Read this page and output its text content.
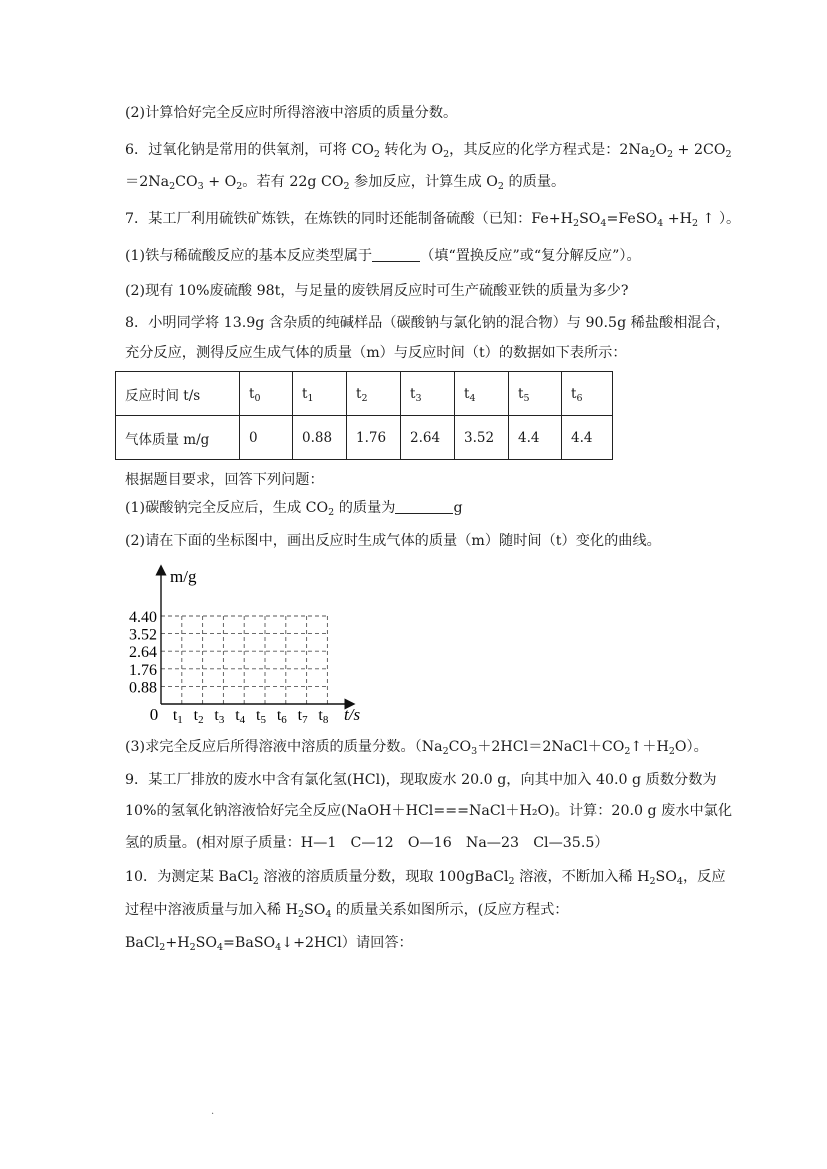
(2)计算恰好完全反应时所得溶液中溶质的质量分数。
6．过氧化钠是常用的供氧剂，可将 $CO_2$ 转化为 $O_2$，其反应的化学方程式是：$2Na_2O_2 + 2CO_2$
$=2Na_2CO_3 + O_2$。若有 22g $CO_2$ 参加反应，计算生成 $O_2$ 的质量。
7．某工厂利用硫铁矿炼铁，在炼铁的同时还能制备硫酸（已知：$Fe+H_2SO_4=FeSO_4 +H_2$ ↑ ）。
(1)铁与稀硫酸反应的基本反应类型属于	（填“置换反应”或“复分解反应”）。
(2)现有 10%废硫酸 98t，与足量的废铁屑反应时可生产硫酸亚铁的质量为多少?
8．小明同学将 13.9g 含杂质的纯碱样品（碳酸钠与氯化钠的混合物）与 90.5g 稀盐酸相混合，
充分反应，测得反应生成气体的质量（m）与反应时间（t）的数据如下表所示：
反应时间 t/s	$t_0$	$t_1$	$t_2$	$t_3$	$t_4$	$t_5$	$t_6$
气体质量 m/g	0	0.88	1.76	2.64	3.52	4.4	4.4
根据题目要求，回答下列问题：
(1)碳酸钠完全反应后，生成 $CO_2$ 的质量为	g
(2)请在下面的坐标图中，画出反应时生成气体的质量（m）随时间（t）变化的曲线。
m/g
t/s
0
0.88
1.76
2.64
3.52
4.40
t1 t2 t3 t4 t5 t6 t7 t8
(3)求完全反应后所得溶液中溶质的质量分数。$(Na_2CO_3+2HCl=2NaCl+CO_2↑+H_2O)$。
9．某工厂排放的废水中含有氯化氢(HCl)，现取废水 20.0 g，向其中加入 40.0 g 质数分数为
10%的氢氧化钠溶液恰好完全反应(NaOH＋HCl===NaCl＋H₂O)。计算：20.0 g 废水中氯化
氢的质量。(相对原子质量：H—1　C—12　O—16　Na—23　Cl—35.5）
10．为测定某 BaCl$_2$ 溶液的溶质质量分数，现取 100gBaCl$_2$ 溶液，不断加入稀 $H_2SO_4$，反应
过程中溶液质量与加入稀 $H_2SO_4$ 的质量关系如图所示，(反应方程式：
$BaCl_2+H_2SO_4=BaSO_4↓+2HCl$）请回答：
.
